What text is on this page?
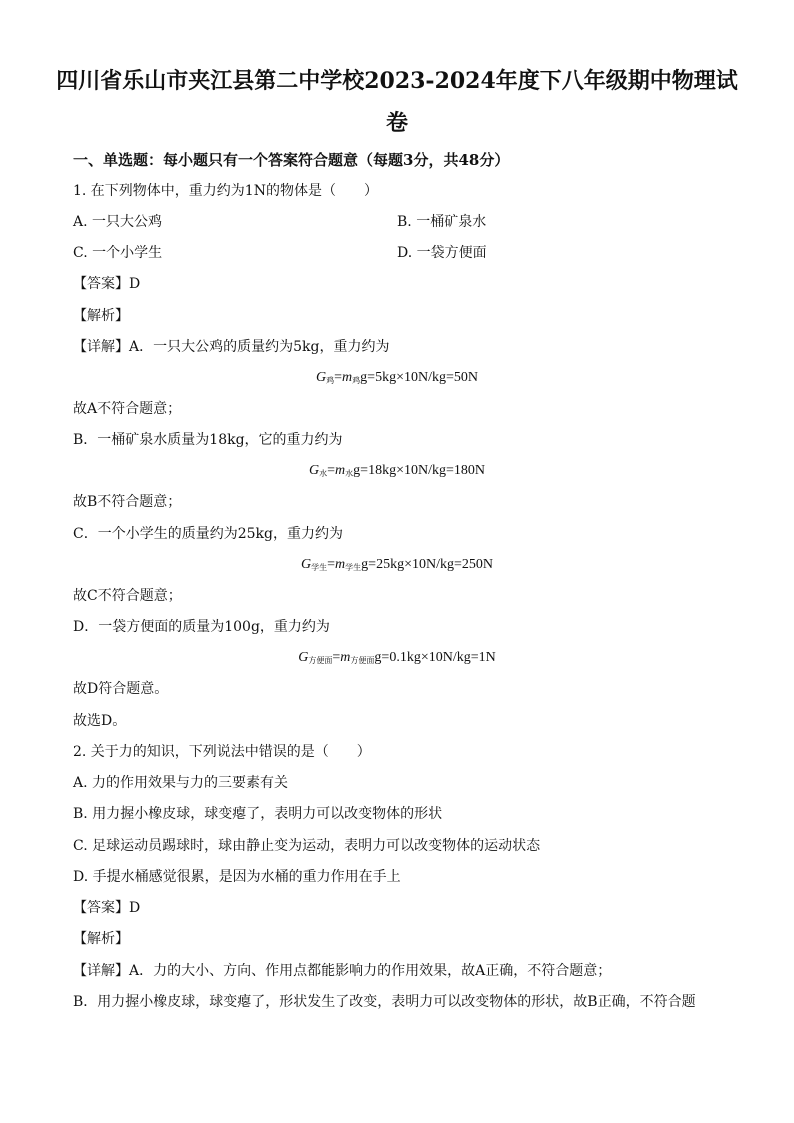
四川省乐山市夹江县第二中学校2023-2024年度下八年级期中物理试
卷
一、单选题：每小题只有一个答案符合题意（每题3分，共48分）
1. 在下列物体中，重力约为1N的物体是（　　）
A. 一只大公鸡	B. 一桶矿泉水
C. 一个小学生	D. 一袋方便面
【答案】D
【解析】
【详解】A．一只大公鸡的质量约为5kg，重力约为
$G_鸡=m_鸡g=5kg\times 10N/kg=50N$
故A不符合题意；
B．一桶矿泉水质量为18kg，它的重力约为
$G_水=m_水g=18kg\times 10N/kg=180N$
故B不符合题意；
C．一个小学生的质量约为25kg，重力约为
$G_{学生}=m_{学生}g=25kg\times 10N/kg=250N$
故C不符合题意；
D．一袋方便面的质量为100g，重力约为
$G_{方便面}=m_{方便面}g=0.1kg\times 10N/kg=1N$
故D符合题意。
故选D。
2. 关于力的知识，下列说法中错误的是（　　）
A. 力的作用效果与力的三要素有关
B. 用力握小橡皮球，球变瘪了，表明力可以改变物体的形状
C. 足球运动员踢球时，球由静止变为运动，表明力可以改变物体的运动状态
D. 手提水桶感觉很累，是因为水桶的重力作用在手上
【答案】D
【解析】
【详解】A．力的大小、方向、作用点都能影响力的作用效果，故A正确，不符合题意；
B．用力握小橡皮球，球变瘪了，形状发生了改变，表明力可以改变物体的形状，故B正确，不符合题
